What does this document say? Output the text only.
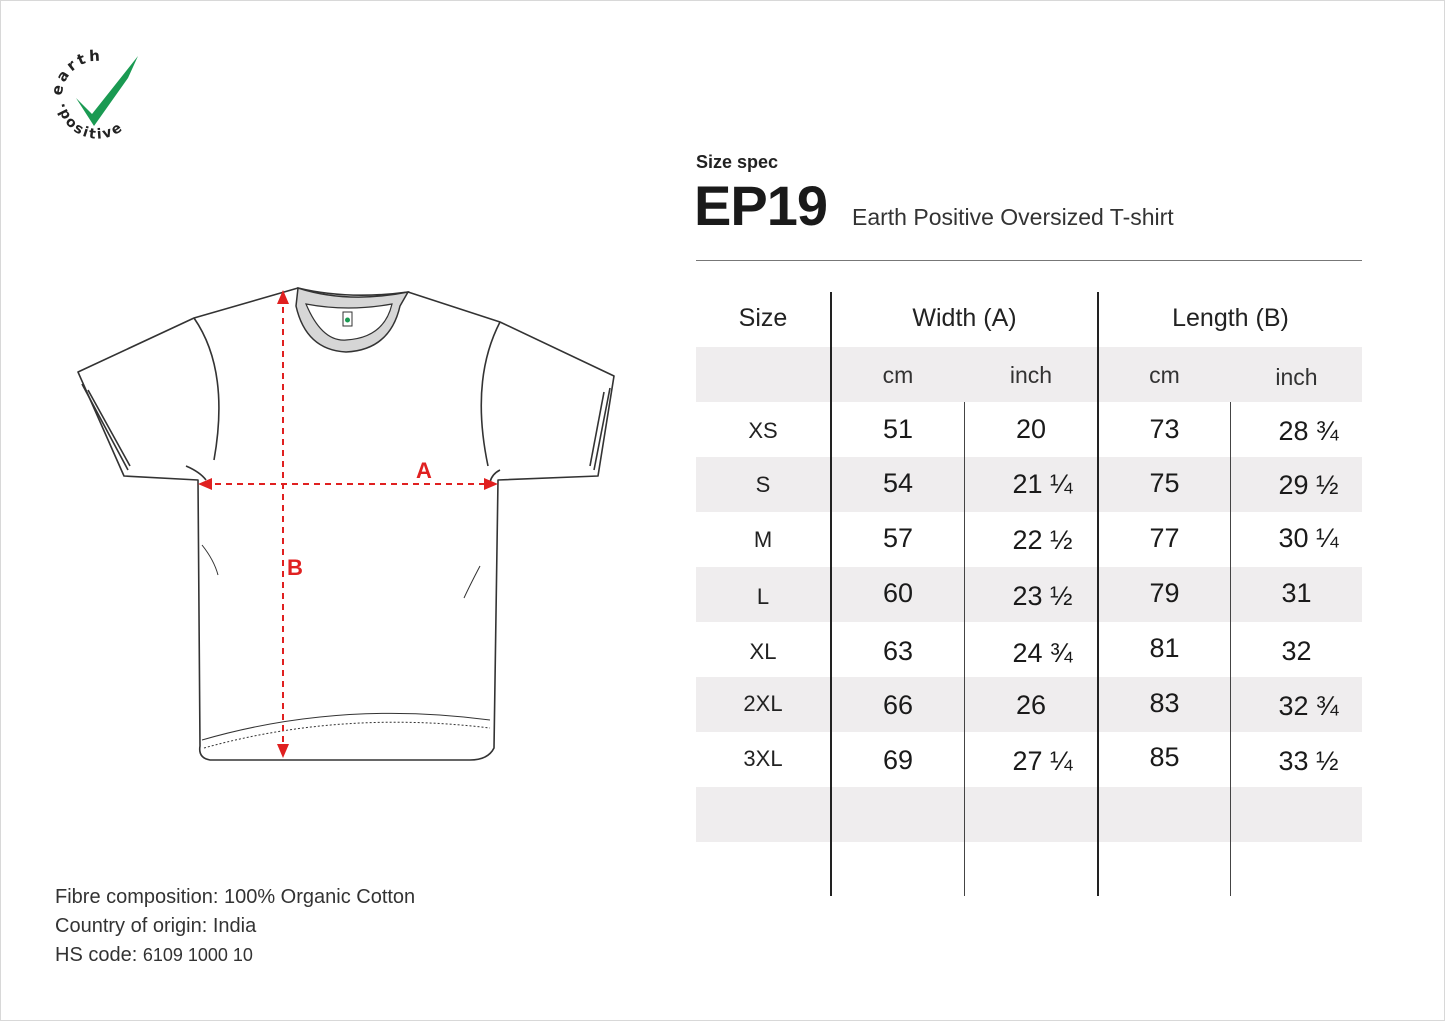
earth
·positive
A
B
Size spec
EP19 Earth Positive Oversized T-shirt
Size	Width (A)	Length (B)
cm	inch	cm	inch
XS	51	20	73	28 ¾
S	54	21 ¼	75	29 ½
M	57	22 ½	77	30 ¼
L	60	23 ½	79	31
XL	63	24 ¾	81	32
2XL	66	26	83	32 ¾
3XL	69	27 ¼	85	33 ½
Fibre composition: 100% Organic Cotton
Country of origin: India
HS code: 6109 1000 10
